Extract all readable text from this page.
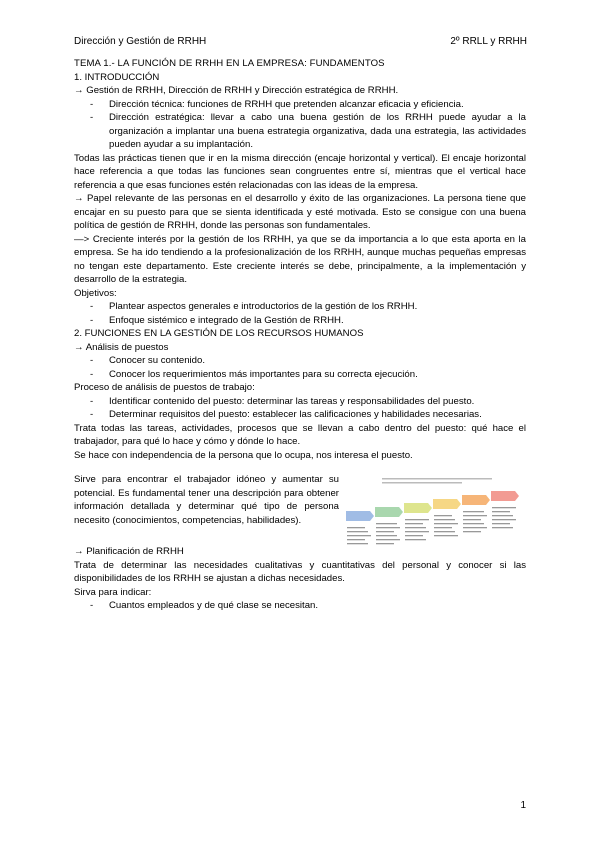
Dirección y Gestión de RRHH	2º RRLL y RRHH

TEMA 1.- LA FUNCIÓN DE RRHH EN LA EMPRESA: FUNDAMENTOS

1. INTRODUCCIÓN

→ Gestión de RRHH, Dirección de RRHH y Dirección estratégica de RRHH.

- Dirección técnica: funciones de RRHH que pretenden alcanzar eficacia y eficiencia.
- Dirección estratégica: llevar a cabo una buena gestión de los RRHH puede ayudar a la organización a implantar una buena estrategia organizativa, dada una estrategia, las actividades pueden ayudar a su implantación.

Todas las prácticas tienen que ir en la misma dirección (encaje horizontal y vertical). El encaje horizontal hace referencia a que todas las funciones sean congruentes entre sí, mientras que el vertical hace referencia a que esas funciones estén relacionadas con las ideas de la empresa.

→ Papel relevante de las personas en el desarrollo y éxito de las organizaciones. La persona tiene que encajar en su puesto para que se sienta identificada y esté motivada. Esto se consigue con una buena política de gestión de RRHH, donde las personas son fundamentales.

—> Creciente interés por la gestión de los RRHH, ya que se da importancia a lo que esta aporta en la empresa. Se ha ido tendiendo a la profesionalización de los RRHH, aunque muchas pequeñas empresas no tengan este departamento. Este creciente interés se debe, principalmente, a la implementación y desarrollo de la estrategia.

Objetivos:

- Plantear aspectos generales e introductorios de la gestión de los RRHH.
- Enfoque sistémico e integrado de la Gestión de RRHH.

2. FUNCIONES EN LA GESTIÓN DE LOS RECURSOS HUMANOS

→ Análisis de puestos

- Conocer su contenido.
- Conocer los requerimientos más importantes para su correcta ejecución.

Proceso de análisis de puestos de trabajo:

- Identificar contenido del puesto: determinar las tareas y responsabilidades del puesto.
- Determinar requisitos del puesto: establecer las calificaciones y habilidades necesarias.

Trata todas las tareas, actividades, procesos que se llevan a cabo dentro del puesto: qué hace el trabajador, para qué lo hace y cómo y dónde lo hace.

Se hace con independencia de la persona que lo ocupa, nos interesa el puesto.

Sirve para encontrar el trabajador idóneo y aumentar su potencial. Es fundamental tener una descripción para obtener información detallada y determinar qué tipo de persona necesito (conocimientos, competencias, habilidades).

→ Planificación de RRHH

Trata de determinar las necesidades cualitativas y cuantitativas del personal y conocer si las disponibilidades de los RRHH se ajustan a dichas necesidades.

Sirva para indicar:

- Cuantos empleados y de qué clase se necesitan.
1
